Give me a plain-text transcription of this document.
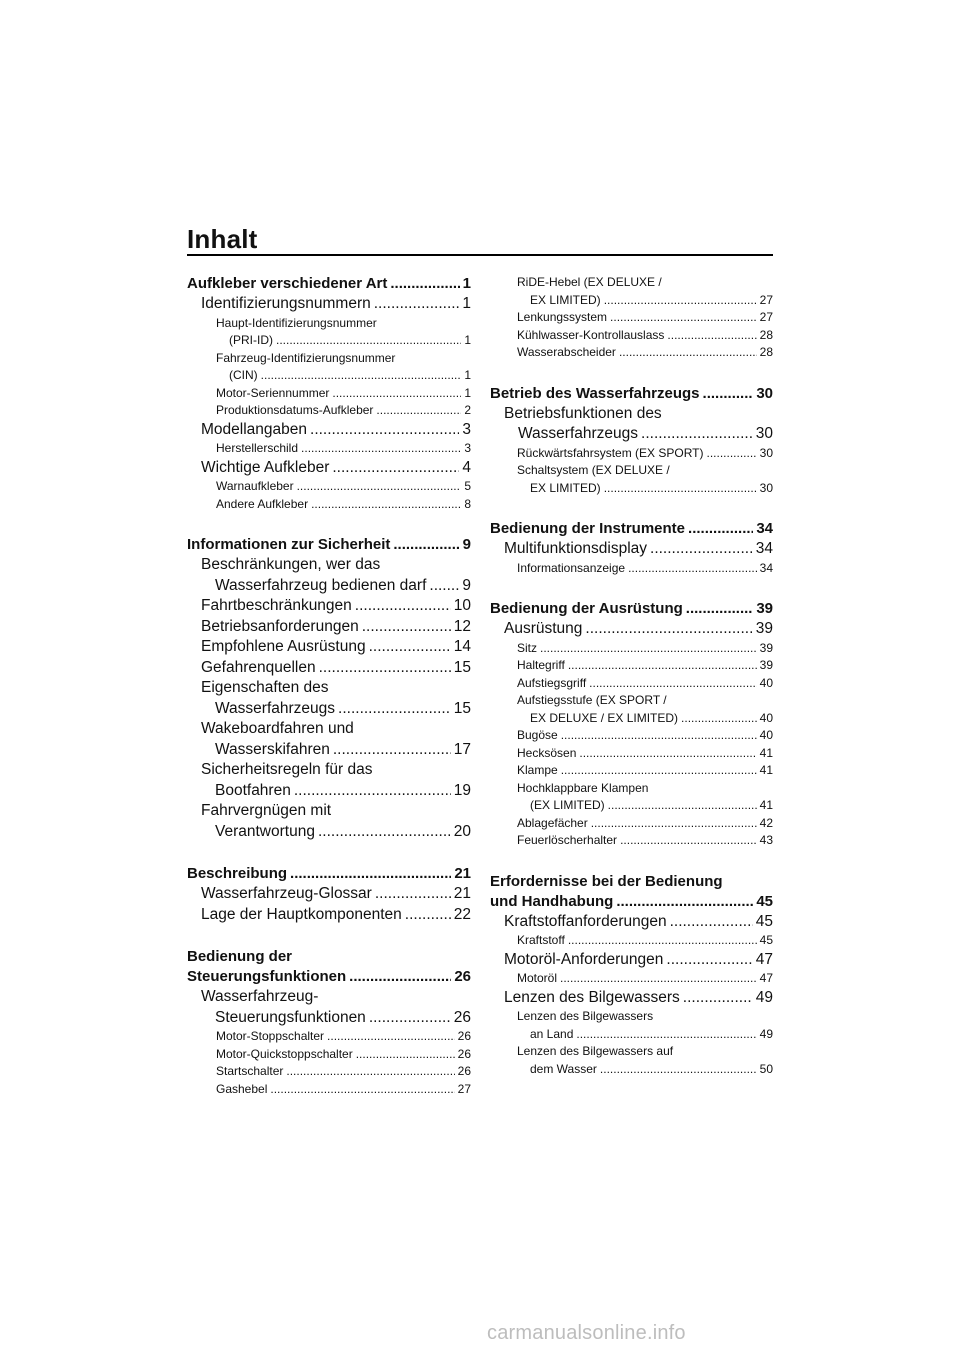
Inhalt
Aufkleber verschiedener Art .....	1
Identifizierungsnummern .....	1
Haupt-Identifizierungsnummer
(PRI-ID) .....	1
Fahrzeug-Identifizierungsnummer
(CIN) .....	1
Motor-Seriennummer .....	1
Produktionsdatums-Aufkleber .....	2
Modellangaben .....	3
Herstellerschild .....	3
Wichtige Aufkleber .....	4
Warnaufkleber .....	5
Andere Aufkleber .....	8
Informationen zur Sicherheit .....	9
Beschränkungen, wer das
Wasserfahrzeug bedienen darf ..... 9
Fahrtbeschränkungen .....	10
Betriebsanforderungen .....	12
Empfohlene Ausrüstung .....	14
Gefahrenquellen .....	15
Eigenschaften des
Wasserfahrzeugs .....	15
Wakeboardfahren und
Wasserskifahren .....	17
Sicherheitsregeln für das
Bootfahren .....	19
Fahrvergnügen mit
Verantwortung .....	20
Beschreibung .....	21
Wasserfahrzeug-Glossar .....	21
Lage der Hauptkomponenten .....	22
Bedienung der
Steuerungsfunktionen .....	26
Wasserfahrzeug-
Steuerungsfunktionen .....	26
Motor-Stoppschalter .....	26
Motor-Quickstoppschalter .....	26
Startschalter .....	26
Gashebel .....	27
RiDE-Hebel (EX DELUXE /
EX LIMITED) .....	27
Lenkungssystem .....	27
Kühlwasser-Kontrollauslass .....	28
Wasserabscheider .....	28
Betrieb des Wasserfahrzeugs .....	30
Betriebsfunktionen des
Wasserfahrzeugs .....	30
Rückwärtsfahrsystem (EX SPORT) .....	30
Schaltsystem (EX DELUXE /
EX LIMITED) .....	30
Bedienung der Instrumente .....	34
Multifunktionsdisplay .....	34
Informationsanzeige .....	34
Bedienung der Ausrüstung .....	39
Ausrüstung .....	39
Sitz .....	39
Haltegriff .....	39
Aufstiegsgriff .....	40
Aufstiegsstufe (EX SPORT /
EX DELUXE / EX LIMITED) .....	40
Bugöse .....	40
Hecksösen .....	41
Klampe .....	41
Hochklappbare Klampen
(EX LIMITED) .....	41
Ablagefächer .....	42
Feuerlöscherhalter .....	43
Erfordernisse bei der Bedienung
und Handhabung .....	45
Kraftstoffanforderungen .....	45
Kraftstoff .....	45
Motoröl-Anforderungen .....	47
Motoröl .....	47
Lenzen des Bilgewassers .....	49
Lenzen des Bilgewassers
an Land .....	49
Lenzen des Bilgewassers auf
dem Wasser .....	50
carmanualsonline.info
